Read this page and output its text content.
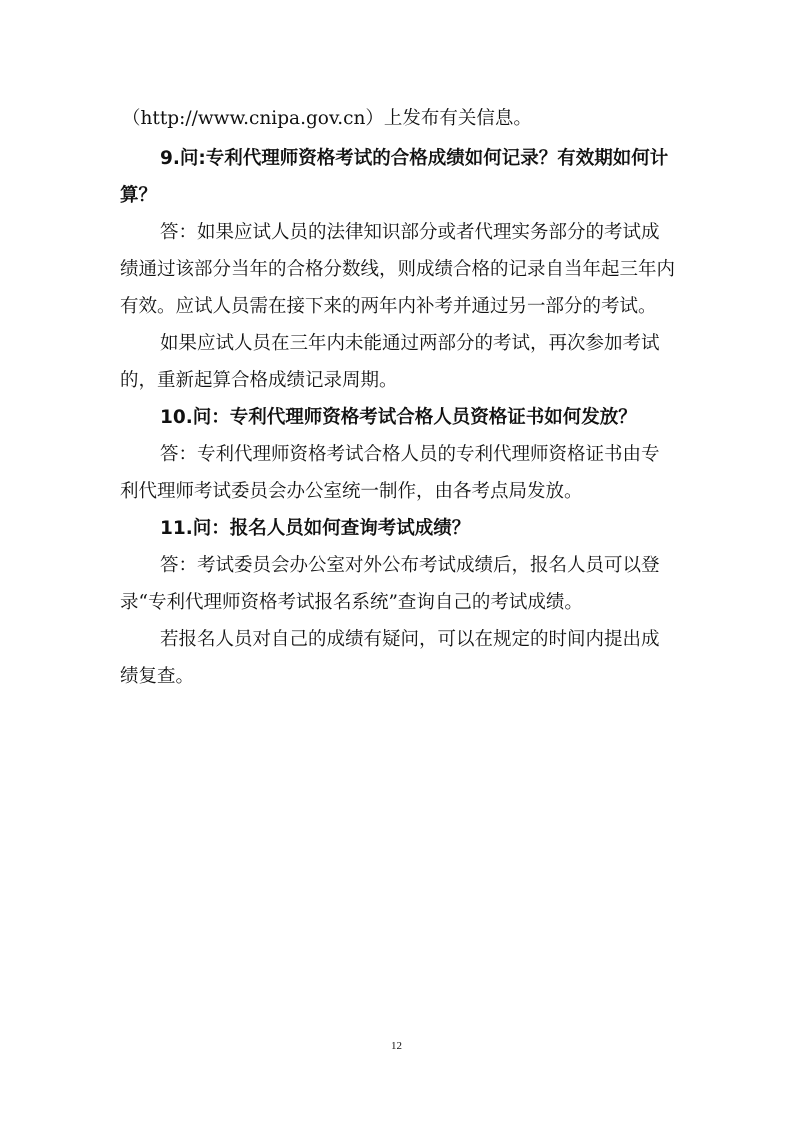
（http://www.cnipa.gov.cn）上发布有关信息。
9.问:专利代理师资格考试的合格成绩如何记录？有效期如何计
算？
答：如果应试人员的法律知识部分或者代理实务部分的考试成
绩通过该部分当年的合格分数线，则成绩合格的记录自当年起三年内
有效。应试人员需在接下来的两年内补考并通过另一部分的考试。
如果应试人员在三年内未能通过两部分的考试，再次参加考试
的，重新起算合格成绩记录周期。
10.问：专利代理师资格考试合格人员资格证书如何发放？
答：专利代理师资格考试合格人员的专利代理师资格证书由专
利代理师考试委员会办公室统一制作，由各考点局发放。
11.问：报名人员如何查询考试成绩？
答：考试委员会办公室对外公布考试成绩后，报名人员可以登
录“专利代理师资格考试报名系统”查询自己的考试成绩。
若报名人员对自己的成绩有疑问，可以在规定的时间内提出成
绩复查。
12
